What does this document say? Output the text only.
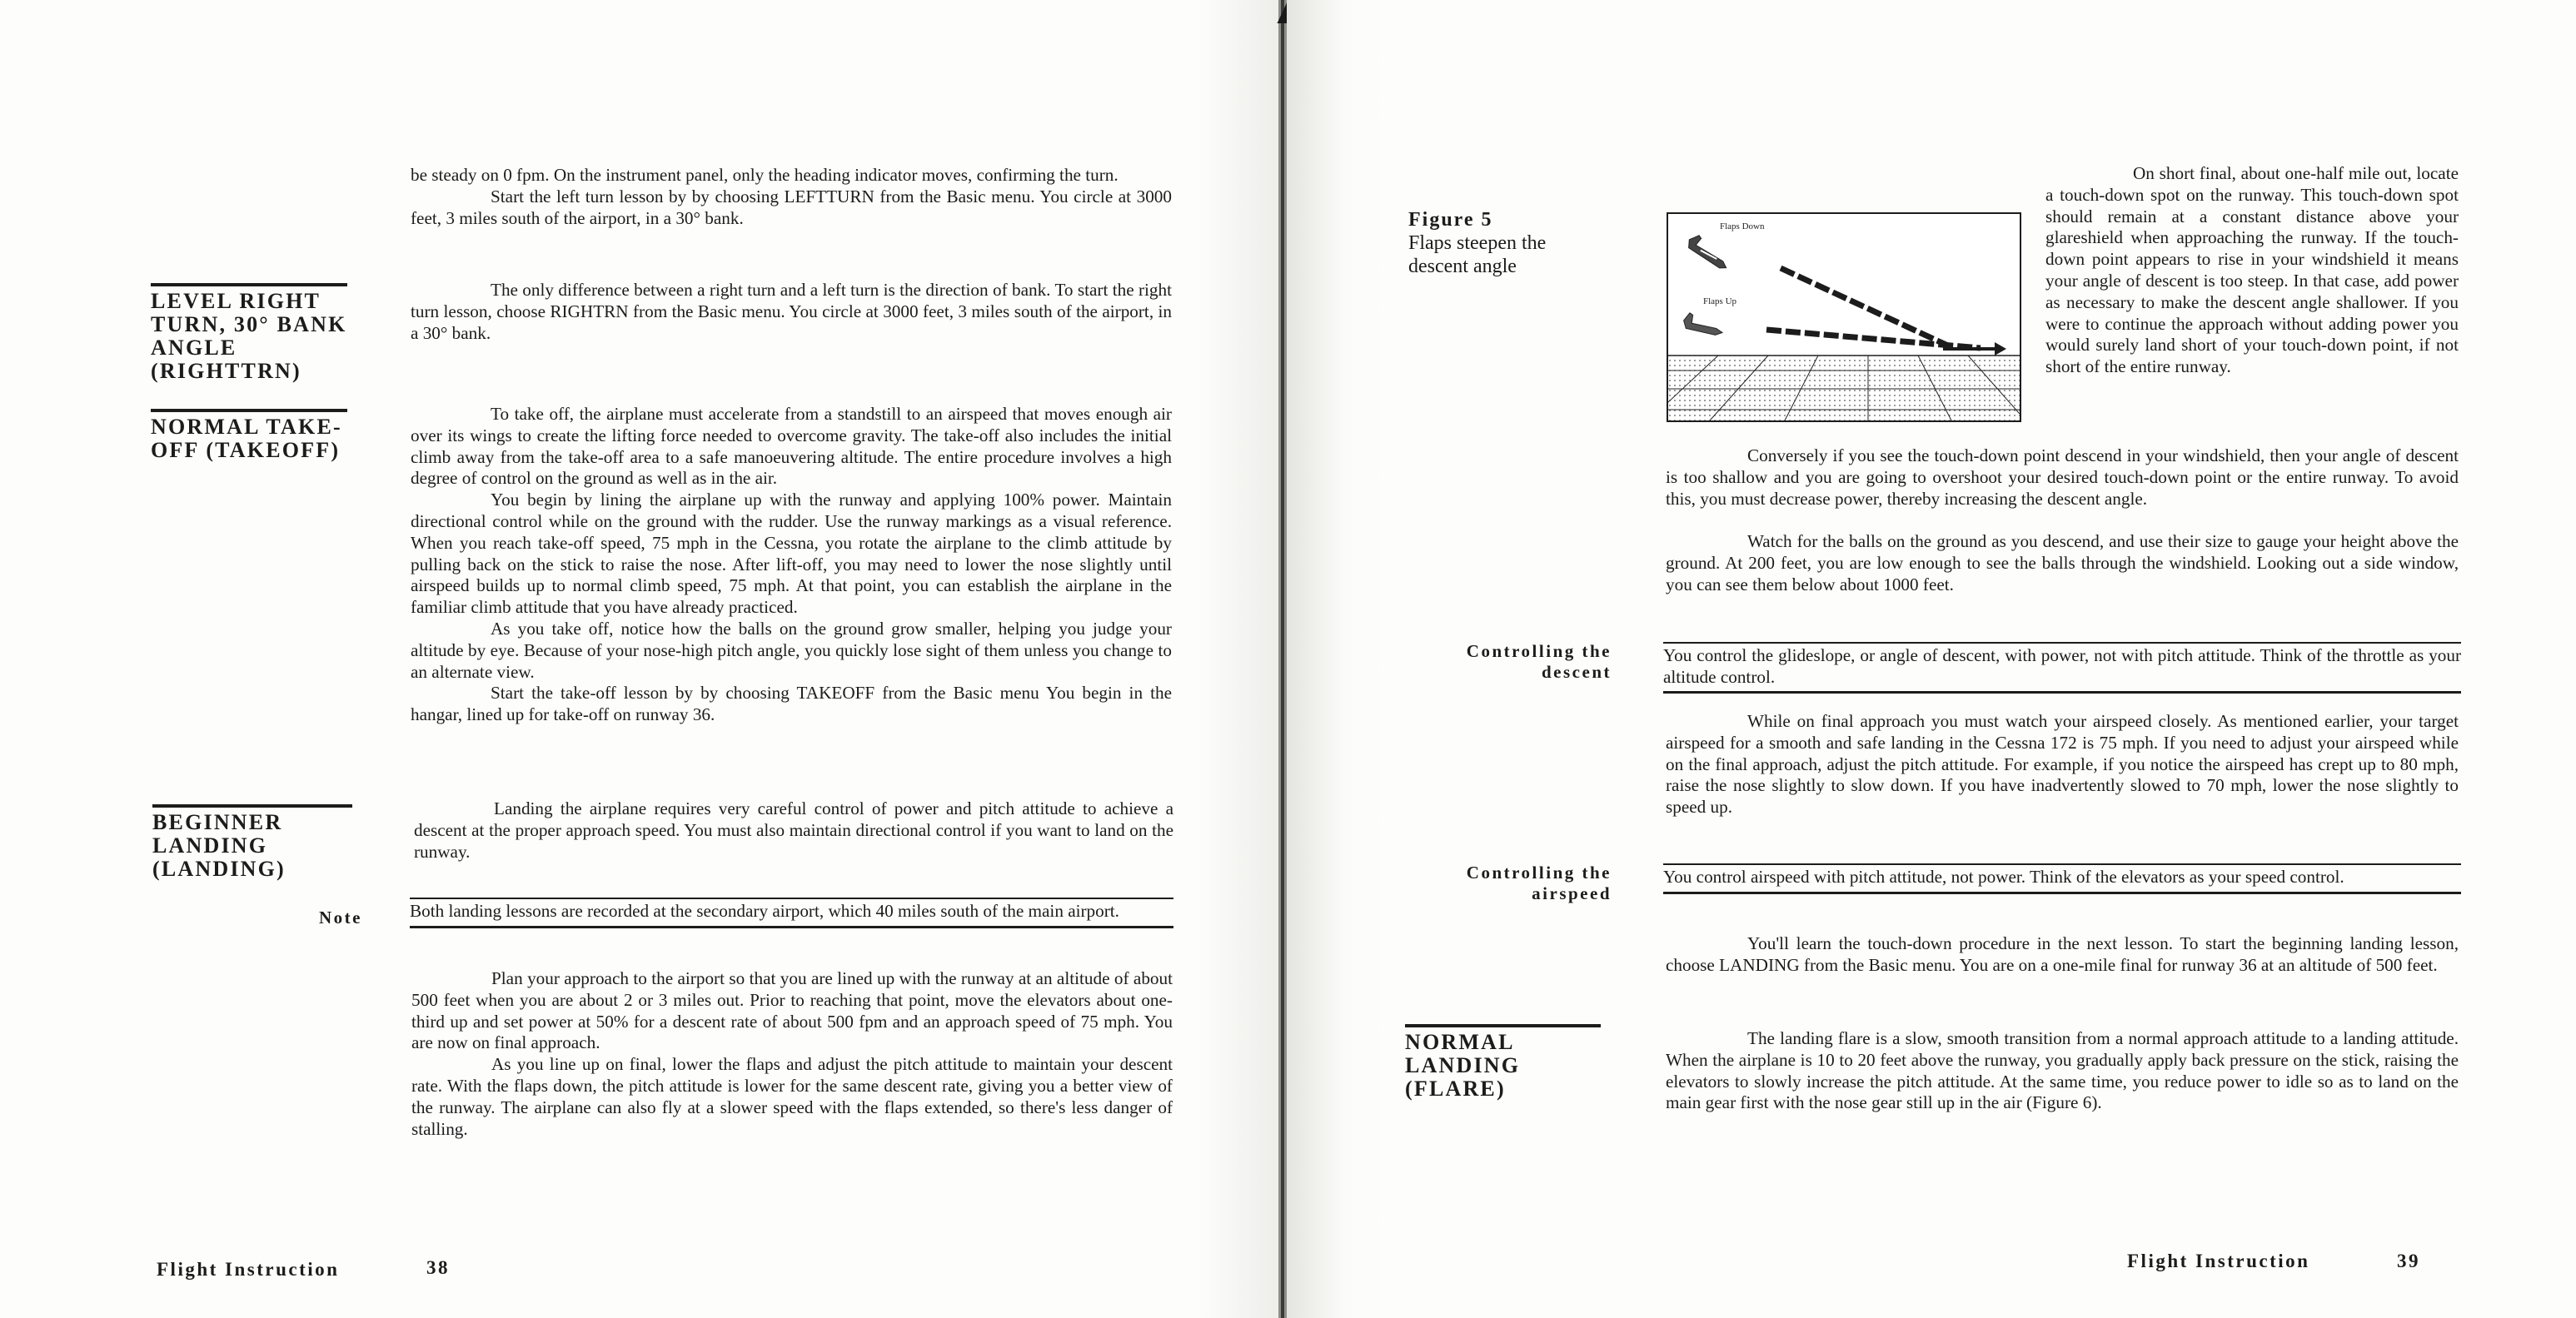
be steady on 0 fpm. On the instrument panel, only the heading indicator moves, confirming the turn.

Start the left turn lesson by by choosing LEFTTURN from the Basic menu. You circle at 3000 feet, 3 miles south of the airport, in a 30° bank.

LEVEL RIGHT TURN, 30° BANK ANGLE (RIGHTTRN)

The only difference between a right turn and a left turn is the direction of bank. To start the right turn lesson, choose RIGHTRN from the Basic menu. You circle at 3000 feet, 3 miles south of the airport, in a 30° bank.

NORMAL TAKE-OFF (TAKEOFF)

To take off, the airplane must accelerate from a standstill to an airspeed that moves enough air over its wings to create the lifting force needed to overcome gravity. The take-off also includes the initial climb away from the take-off area to a safe manoeuvering altitude. The entire procedure involves a high degree of control on the ground as well as in the air.

You begin by lining the airplane up with the runway and applying 100% power. Maintain directional control while on the ground with the rudder. Use the runway markings as a visual reference. When you reach take-off speed, 75 mph in the Cessna, you rotate the airplane to the climb attitude by pulling back on the stick to raise the nose. After lift-off, you may need to lower the nose slightly until airspeed builds up to normal climb speed, 75 mph. At that point, you can establish the airplane in the familiar climb attitude that you have already practiced.

As you take off, notice how the balls on the ground grow smaller, helping you judge your altitude by eye. Because of your nose-high pitch angle, you quickly lose sight of them unless you change to an alternate view.

Start the take-off lesson by by choosing TAKEOFF from the Basic menu You begin in the hangar, lined up for take-off on runway 36.

BEGINNER LANDING (LANDING)

Landing the airplane requires very careful control of power and pitch attitude to achieve a descent at the proper approach speed. You must also maintain directional control if you want to land on the runway.

Note	Both landing lessons are recorded at the secondary airport, which 40 miles south of the main airport.

Plan your approach to the airport so that you are lined up with the runway at an altitude of about 500 feet when you are about 2 or 3 miles out. Prior to reaching that point, move the elevators about one-third up and set power at 50% for a descent rate of about 500 fpm and an approach speed of 75 mph. You are now on final approach.

As you line up on final, lower the flaps and adjust the pitch attitude to maintain your descent rate. With the flaps down, the pitch attitude is lower for the same descent rate, giving you a better view of the runway. The airplane can also fly at a slower speed with the flaps extended, so there's less danger of stalling.

Flight Instruction	38
Figure 5
Flaps steepen the descent angle
Flaps Down
Flaps Up
On short final, about one-half mile out, locate a touch-down spot on the runway. This touch-down spot should remain at a constant distance above your glareshield when approaching the runway. If the touch-down point appears to rise in your windshield it means your angle of descent is too steep. In that case, add power as necessary to make the descent angle shallower. If you were to continue the approach without adding power you would surely land short of your touch-down point, if not short of the entire runway.
Conversely if you see the touch-down point descend in your windshield, then your angle of descent is too shallow and you are going to overshoot your desired touch-down point or the entire runway. To avoid this, you must decrease power, thereby increasing the descent angle.
Watch for the balls on the ground as you descend, and use their size to gauge your height above the ground. At 200 feet, you are low enough to see the balls through the windshield. Looking out a side window, you can see them below about 1000 feet.
Controlling the descent
You control the glideslope, or angle of descent, with power, not with pitch attitude. Think of the throttle as your altitude control.
While on final approach you must watch your airspeed closely. As mentioned earlier, your target airspeed for a smooth and safe landing in the Cessna 172 is 75 mph. If you need to adjust your airspeed while on the final approach, adjust the pitch attitude. For example, if you notice the airspeed has crept up to 80 mph, raise the nose slightly to slow down. If you have inadvertently slowed to 70 mph, lower the nose slightly to speed up.
Controlling the airspeed
You control airspeed with pitch attitude, not power. Think of the elevators as your speed control.
You'll learn the touch-down procedure in the next lesson. To start the beginning landing lesson, choose LANDING from the Basic menu. You are on a one-mile final for runway 36 at an altitude of 500 feet.
NORMAL LANDING (FLARE)
The landing flare is a slow, smooth transition from a normal approach attitude to a landing attitude. When the airplane is 10 to 20 feet above the runway, you gradually apply back pressure on the stick, raising the elevators to slowly increase the pitch attitude. At the same time, you reduce power to idle so as to land on the main gear first with the nose gear still up in the air (Figure 6).
Flight Instruction	39
